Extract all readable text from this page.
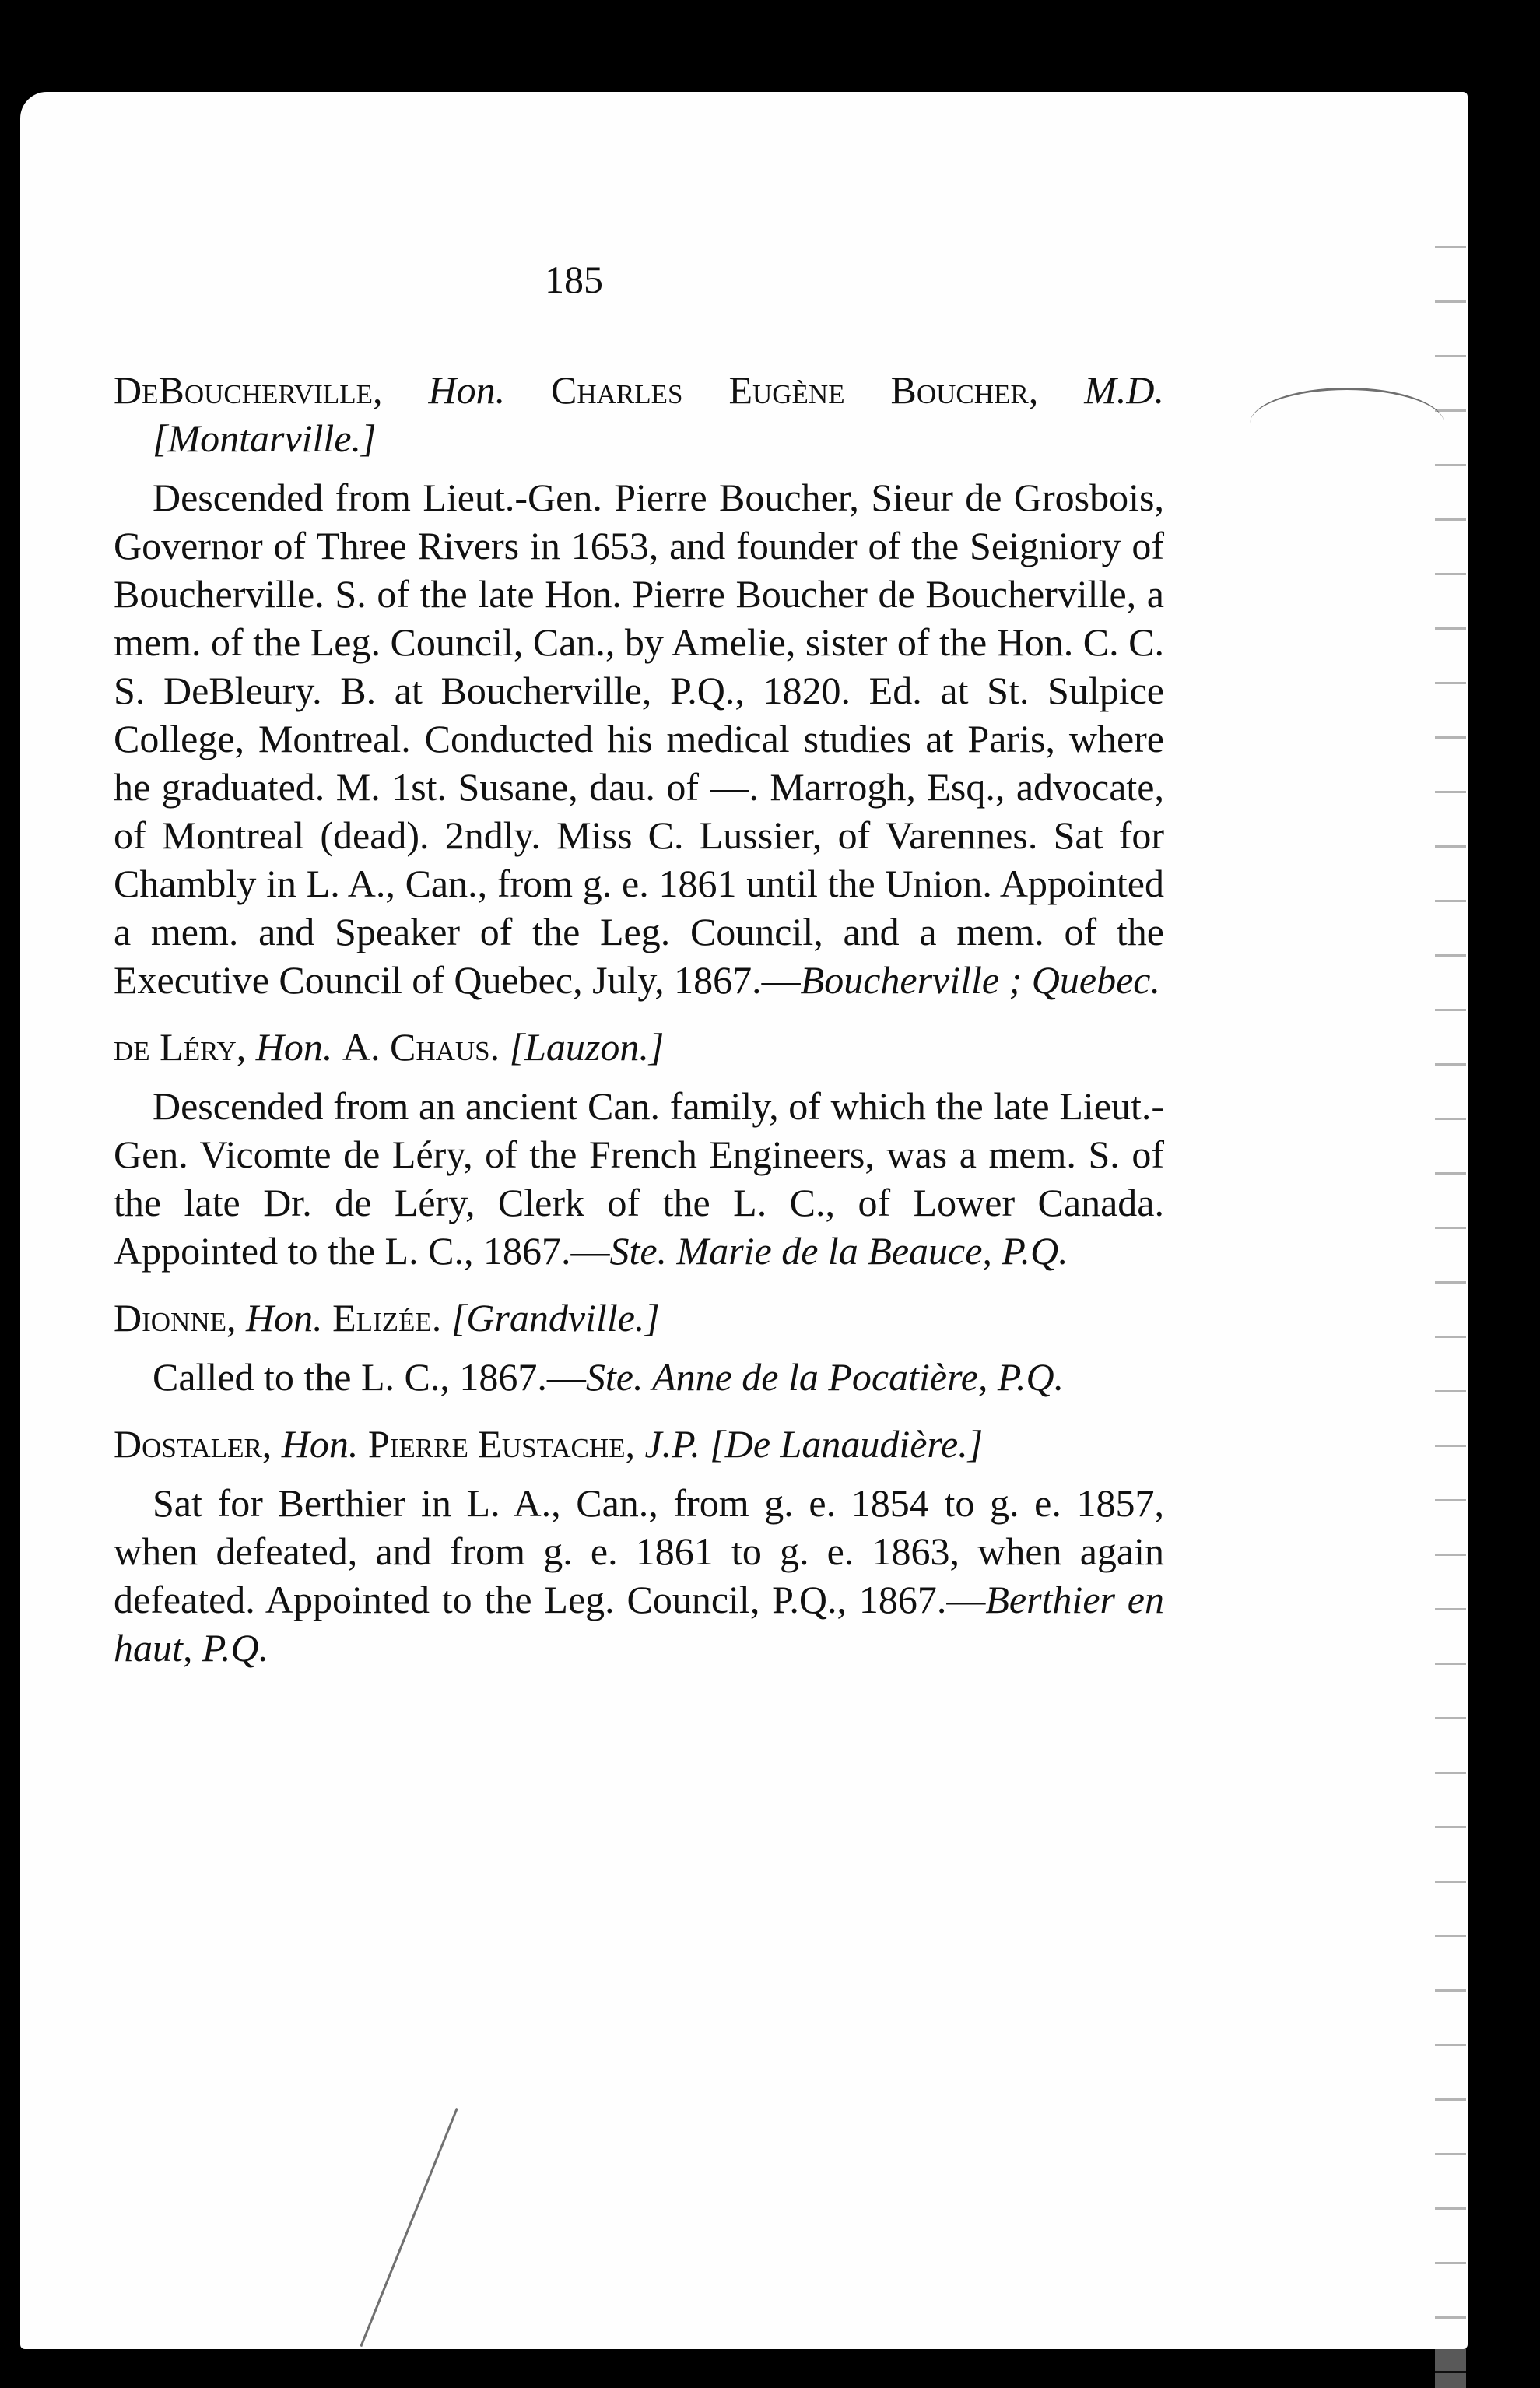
185

DeBoucherville, Hon. Charles Eugène Boucher, M.D. [Montarville.]

Descended from Lieut.-Gen. Pierre Boucher, Sieur de Grosbois, Governor of Three Rivers in 1653, and founder of the Seigniory of Boucherville. S. of the late Hon. Pierre Boucher de Boucherville, a mem. of the Leg. Council, Can., by Amelie, sister of the Hon. C. C. S. DeBleury. B. at Boucherville, P.Q., 1820. Ed. at St. Sulpice College, Montreal. Conducted his medical studies at Paris, where he graduated. M. 1st. Susane, dau. of —. Marrogh, Esq., advocate, of Montreal (dead). 2ndly. Miss C. Lussier, of Varennes. Sat for Chambly in L. A., Can., from g. e. 1861 until the Union. Appointed a mem. and Speaker of the Leg. Council, and a mem. of the Executive Council of Quebec, July, 1867.—Boucherville ; Quebec.

de Léry, Hon. A. Chaus. [Lauzon.]

Descended from an ancient Can. family, of which the late Lieut.-Gen. Vicomte de Léry, of the French Engineers, was a mem. S. of the late Dr. de Léry, Clerk of the L. C., of Lower Canada. Appointed to the L. C., 1867.—Ste. Marie de la Beauce, P.Q.

Dionne, Hon. Elizée. [Grandville.]

Called to the L. C., 1867.—Ste. Anne de la Pocatière, P.Q.

Dostaler, Hon. Pierre Eustache, J.P. [De Lanaudière.]

Sat for Berthier in L. A., Can., from g. e. 1854 to g. e. 1857, when defeated, and from g. e. 1861 to g. e. 1863, when again defeated. Appointed to the Leg. Council, P.Q., 1867.—Berthier en haut, P.Q.
